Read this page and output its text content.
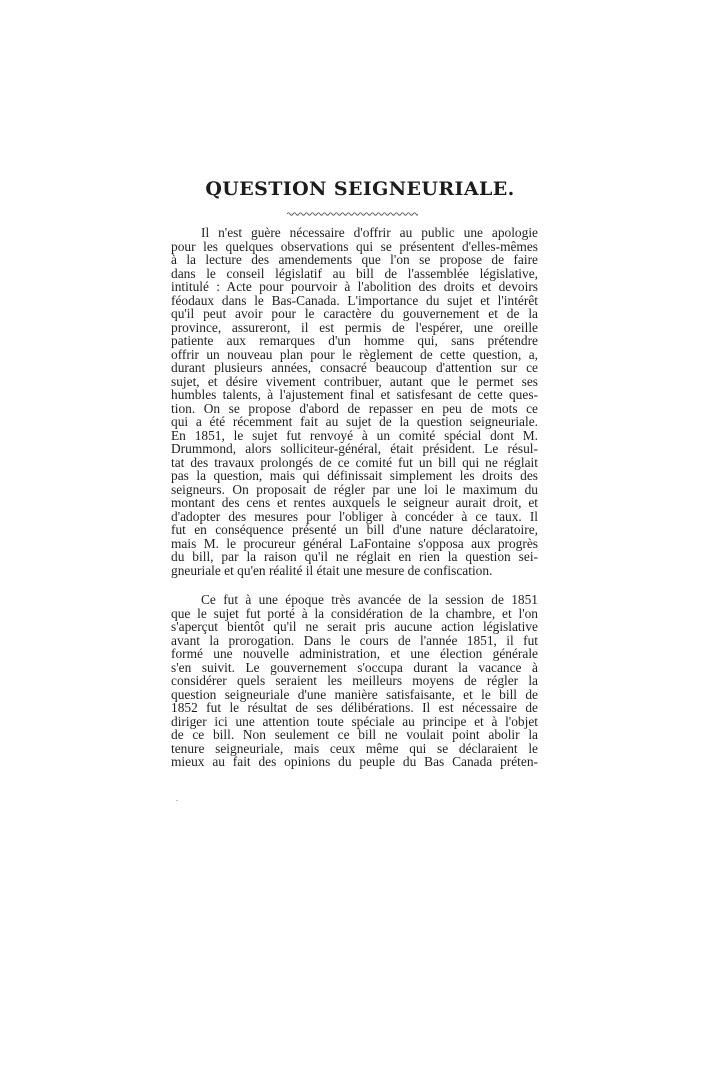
QUESTION SEIGNEURIALE.
Il n'est guère nécessaire d'offrir au public une apologie
pour les quelques observations qui se présentent d'elles-mêmes
à la lecture des amendements que l'on se propose de faire
dans le conseil législatif au bill de l'assemblée législative,
intitulé : Acte pour pourvoir à l'abolition des droits et devoirs
féodaux dans le Bas-Canada. L'importance du sujet et l'intérêt
qu'il peut avoir pour le caractère du gouvernement et de la
province, assureront, il est permis de l'espérer, une oreille
patiente aux remarques d'un homme qui, sans prétendre
offrir un nouveau plan pour le règlement de cette question, a,
durant plusieurs années, consacré beaucoup d'attention sur ce
sujet, et désire vivement contribuer, autant que le permet ses
humbles talents, à l'ajustement final et satisfesant de cette ques-
tion. On se propose d'abord de repasser en peu de mots ce
qui a été récemment fait au sujet de la question seigneuriale.
En 1851, le sujet fut renvoyé à un comité spécial dont M.
Drummond, alors solliciteur-général, était président. Le résul-
tat des travaux prolongés de ce comité fut un bill qui ne réglait
pas la question, mais qui définissait simplement les droits des
seigneurs. On proposait de régler par une loi le maximum du
montant des cens et rentes auxquels le seigneur aurait droit, et
d'adopter des mesures pour l'obliger à concéder à ce taux. Il
fut en conséquence présenté un bill d'une nature déclaratoire,
mais M. le procureur général LaFontaine s'opposa aux progrès
du bill, par la raison qu'il ne réglait en rien la question sei-
gneuriale et qu'en réalité il était une mesure de confiscation.
Ce fut à une époque très avancée de la session de 1851
que le sujet fut porté à la considération de la chambre, et l'on
s'aperçut bientôt qu'il ne serait pris aucune action législative
avant la prorogation. Dans le cours de l'année 1851, il fut
formé une nouvelle administration, et une élection générale
s'en suivit. Le gouvernement s'occupa durant la vacance à
considérer quels seraient les meilleurs moyens de régler la
question seigneuriale d'une manière satisfaisante, et le bill de
1852 fut le résultat de ses délibérations. Il est nécessaire de
diriger ici une attention toute spéciale au principe et à l'objet
de ce bill. Non seulement ce bill ne voulait point abolir la
tenure seigneuriale, mais ceux même qui se déclaraient le
mieux au fait des opinions du peuple du Bas Canada préten-
